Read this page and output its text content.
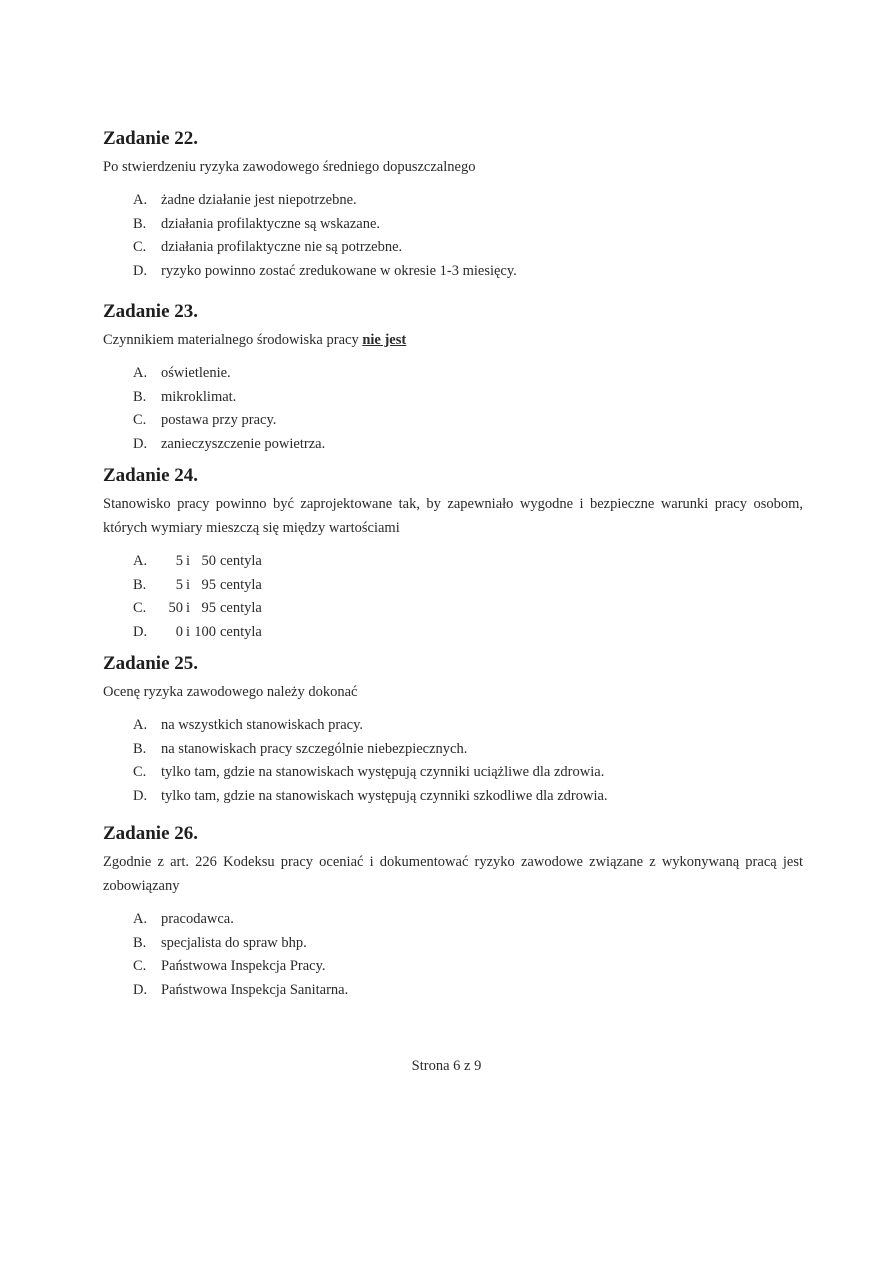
Zadanie 22.
Po stwierdzeniu ryzyka zawodowego średniego dopuszczalnego
A. żadne działanie jest niepotrzebne.
B. działania profilaktyczne są wskazane.
C. działania profilaktyczne nie są potrzebne.
D. ryzyko powinno zostać zredukowane w okresie 1-3 miesięcy.
Zadanie 23.
Czynnikiem materialnego środowiska pracy nie jest
A. oświetlenie.
B. mikroklimat.
C. postawa przy pracy.
D. zanieczyszczenie powietrza.
Zadanie 24.
Stanowisko pracy powinno być zaprojektowane tak, by zapewniało wygodne i bezpieczne warunki pracy osobom, których wymiary mieszczą się między wartościami
A.	5 i 50 centyla
B.	5 i 95 centyla
C.	50 i 95 centyla
D.	0 i 100 centyla
Zadanie 25.
Ocenę ryzyka zawodowego należy dokonać
A. na wszystkich stanowiskach pracy.
B. na stanowiskach pracy szczególnie niebezpiecznych.
C. tylko tam, gdzie na stanowiskach występują czynniki uciążliwe dla zdrowia.
D. tylko tam, gdzie na stanowiskach występują czynniki szkodliwe dla zdrowia.
Zadanie 26.
Zgodnie z art. 226 Kodeksu pracy oceniać i dokumentować ryzyko zawodowe związane z wykonywaną pracą jest zobowiązany
A. pracodawca.
B. specjalista do spraw bhp.
C. Państwowa Inspekcja Pracy.
D. Państwowa Inspekcja Sanitarna.
Strona 6 z 9
